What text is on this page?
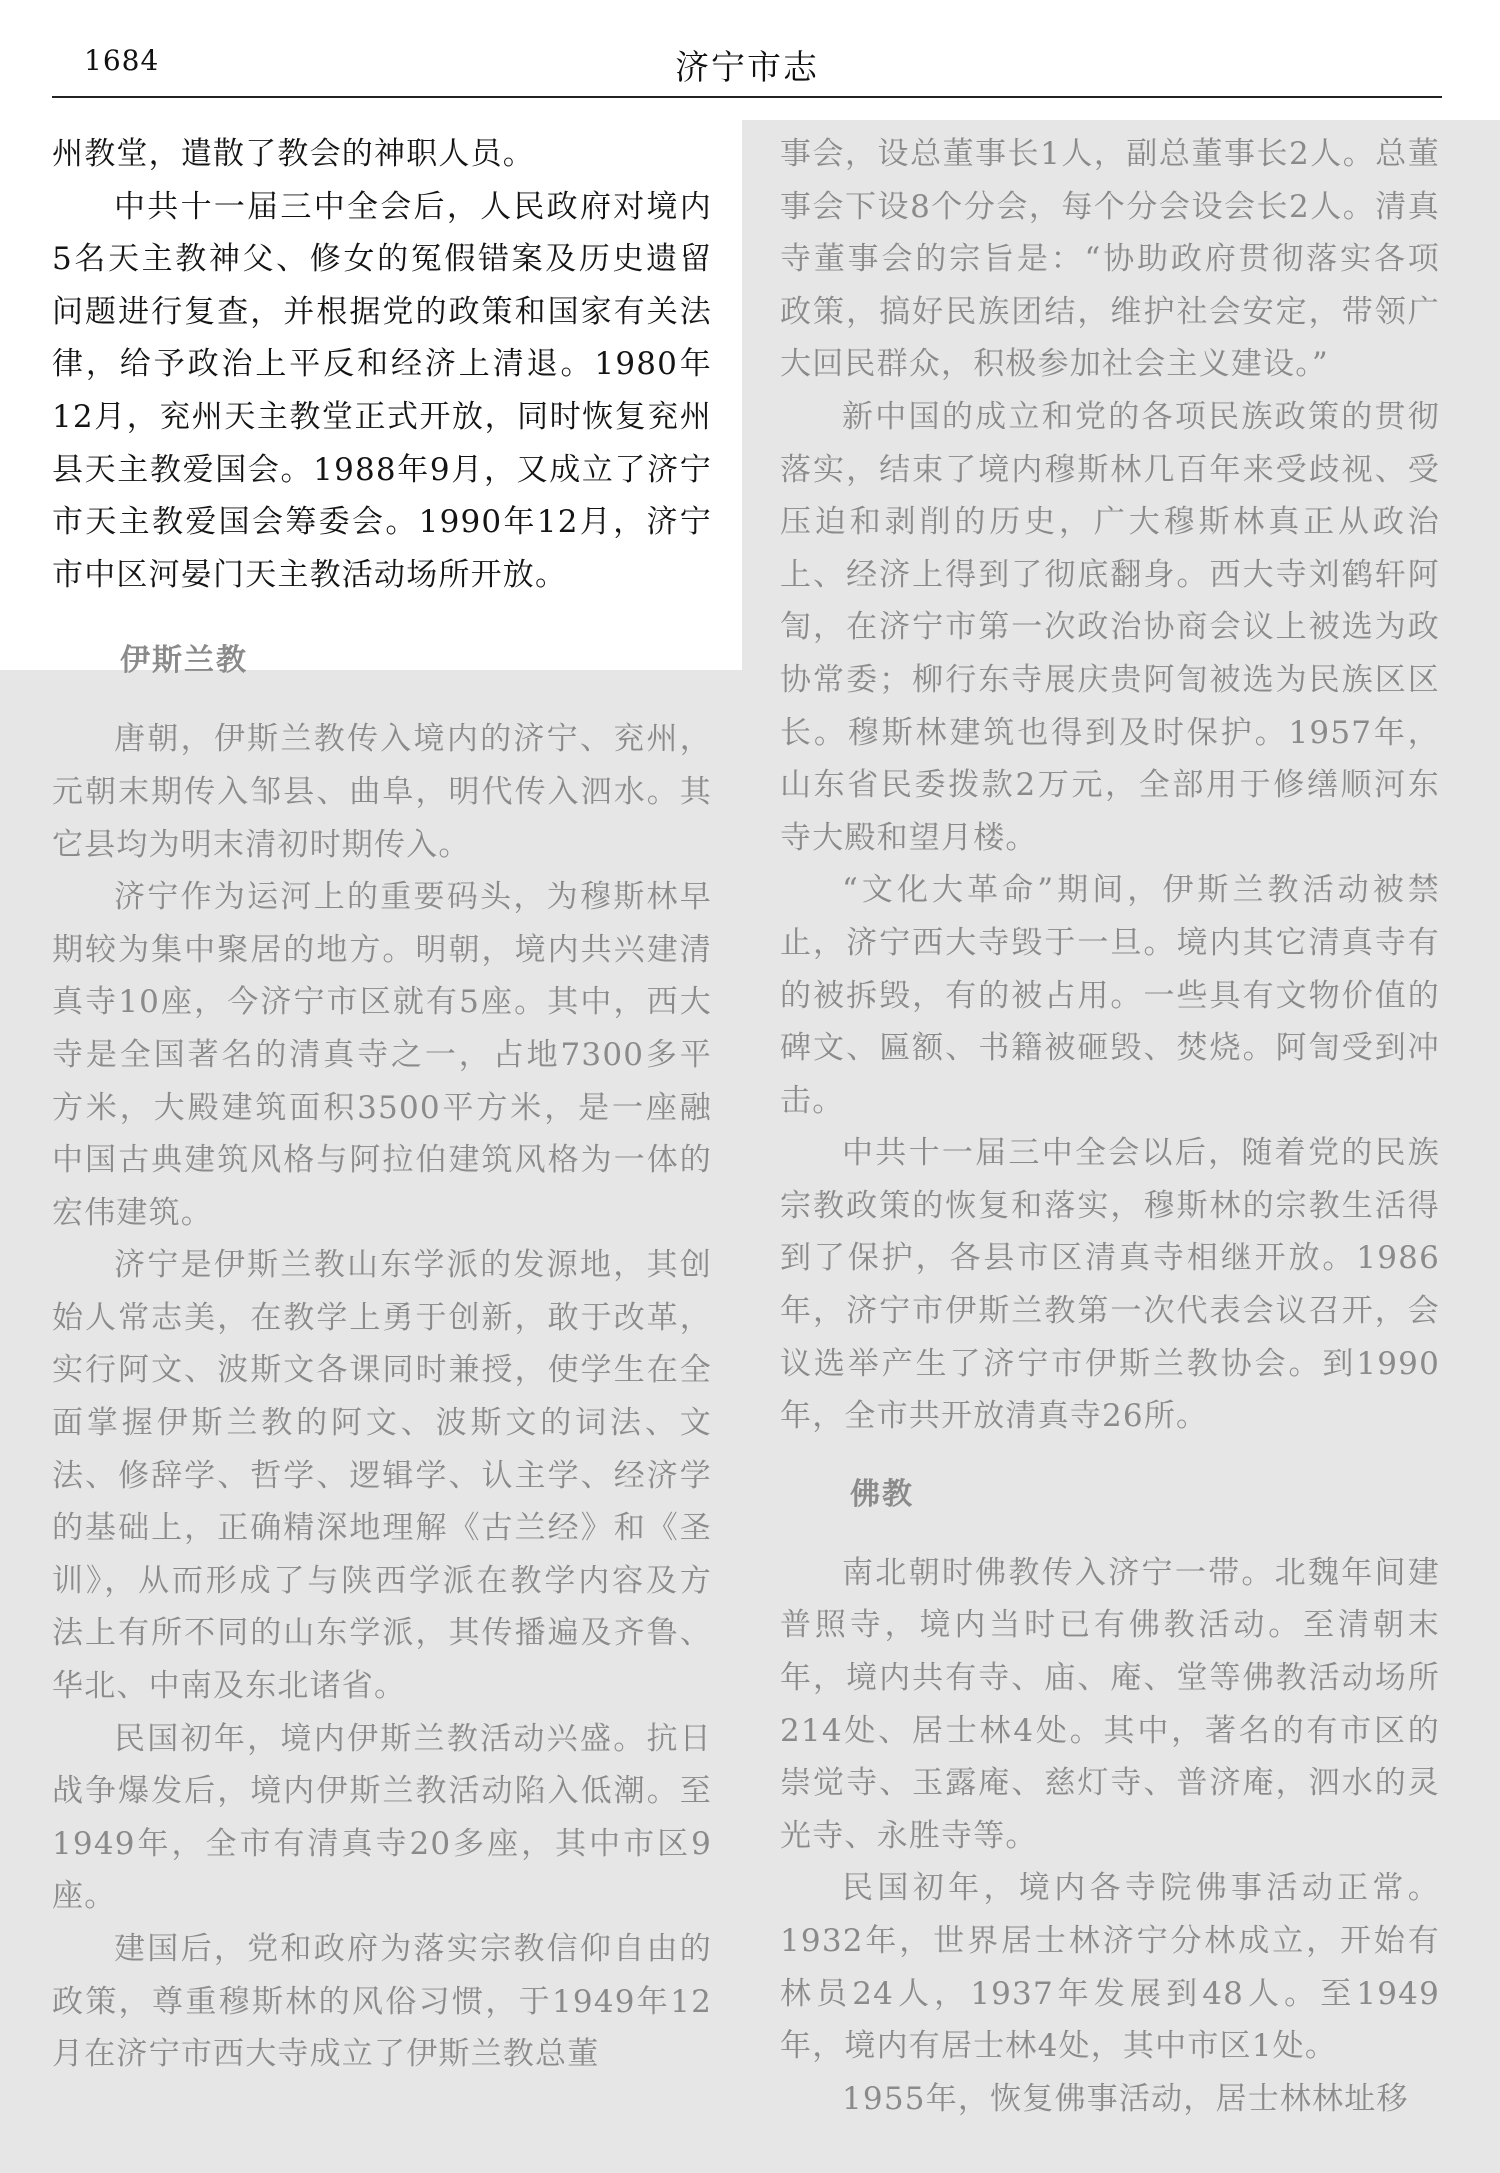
1684	济宁市志

州教堂，遣散了教会的神职人员。

中共十一届三中全会后，人民政府对境内5名天主教神父、修女的冤假错案及历史遗留问题进行复查，并根据党的政策和国家有关法律，给予政治上平反和经济上清退。1980年12月，兖州天主教堂正式开放，同时恢复兖州县天主教爱国会。1988年9月，又成立了济宁市天主教爱国会筹委会。1990年12月，济宁市中区河晏门天主教活动场所开放。

伊斯兰教

唐朝，伊斯兰教传入境内的济宁、兖州，元朝末期传入邹县、曲阜，明代传入泗水。其它县均为明末清初时期传入。

济宁作为运河上的重要码头，为穆斯林早期较为集中聚居的地方。明朝，境内共兴建清真寺10座，今济宁市区就有5座。其中，西大寺是全国著名的清真寺之一，占地7300多平方米，大殿建筑面积3500平方米，是一座融中国古典建筑风格与阿拉伯建筑风格为一体的宏伟建筑。

济宁是伊斯兰教山东学派的发源地，其创始人常志美，在教学上勇于创新，敢于改革，实行阿文、波斯文各课同时兼授，使学生在全面掌握伊斯兰教的阿文、波斯文的词法、文法、修辞学、哲学、逻辑学、认主学、经济学的基础上，正确精深地理解《古兰经》和《圣训》，从而形成了与陕西学派在教学内容及方法上有所不同的山东学派，其传播遍及齐鲁、华北、中南及东北诸省。

民国初年，境内伊斯兰教活动兴盛。抗日战争爆发后，境内伊斯兰教活动陷入低潮。至1949年，全市有清真寺20多座，其中市区9座。

建国后，党和政府为落实宗教信仰自由的政策，尊重穆斯林的风俗习惯，于1949年12月在济宁市西大寺成立了伊斯兰教总董

事会，设总董事长1人，副总董事长2人。总董事会下设8个分会，每个分会设会长2人。清真寺董事会的宗旨是：“协助政府贯彻落实各项政策，搞好民族团结，维护社会安定，带领广大回民群众，积极参加社会主义建设。”

新中国的成立和党的各项民族政策的贯彻落实，结束了境内穆斯林几百年来受歧视、受压迫和剥削的历史，广大穆斯林真正从政治上、经济上得到了彻底翻身。西大寺刘鹤轩阿訇，在济宁市第一次政治协商会议上被选为政协常委；柳行东寺展庆贵阿訇被选为民族区区长。穆斯林建筑也得到及时保护。1957年，山东省民委拨款2万元，全部用于修缮顺河东寺大殿和望月楼。

“文化大革命”期间，伊斯兰教活动被禁止，济宁西大寺毁于一旦。境内其它清真寺有的被拆毁，有的被占用。一些具有文物价值的碑文、匾额、书籍被砸毁、焚烧。阿訇受到冲击。

中共十一届三中全会以后，随着党的民族宗教政策的恢复和落实，穆斯林的宗教生活得到了保护，各县市区清真寺相继开放。1986年，济宁市伊斯兰教第一次代表会议召开，会议选举产生了济宁市伊斯兰教协会。到1990年，全市共开放清真寺26所。

佛教

南北朝时佛教传入济宁一带。北魏年间建普照寺，境内当时已有佛教活动。至清朝末年，境内共有寺、庙、庵、堂等佛教活动场所214处、居士林4处。其中，著名的有市区的崇觉寺、玉露庵、慈灯寺、普济庵，泗水的灵光寺、永胜寺等。

民国初年，境内各寺院佛事活动正常。1932年，世界居士林济宁分林成立，开始有林员24人，1937年发展到48人。至1949年，境内有居士林4处，其中市区1处。

1955年，恢复佛事活动，居士林林址移
